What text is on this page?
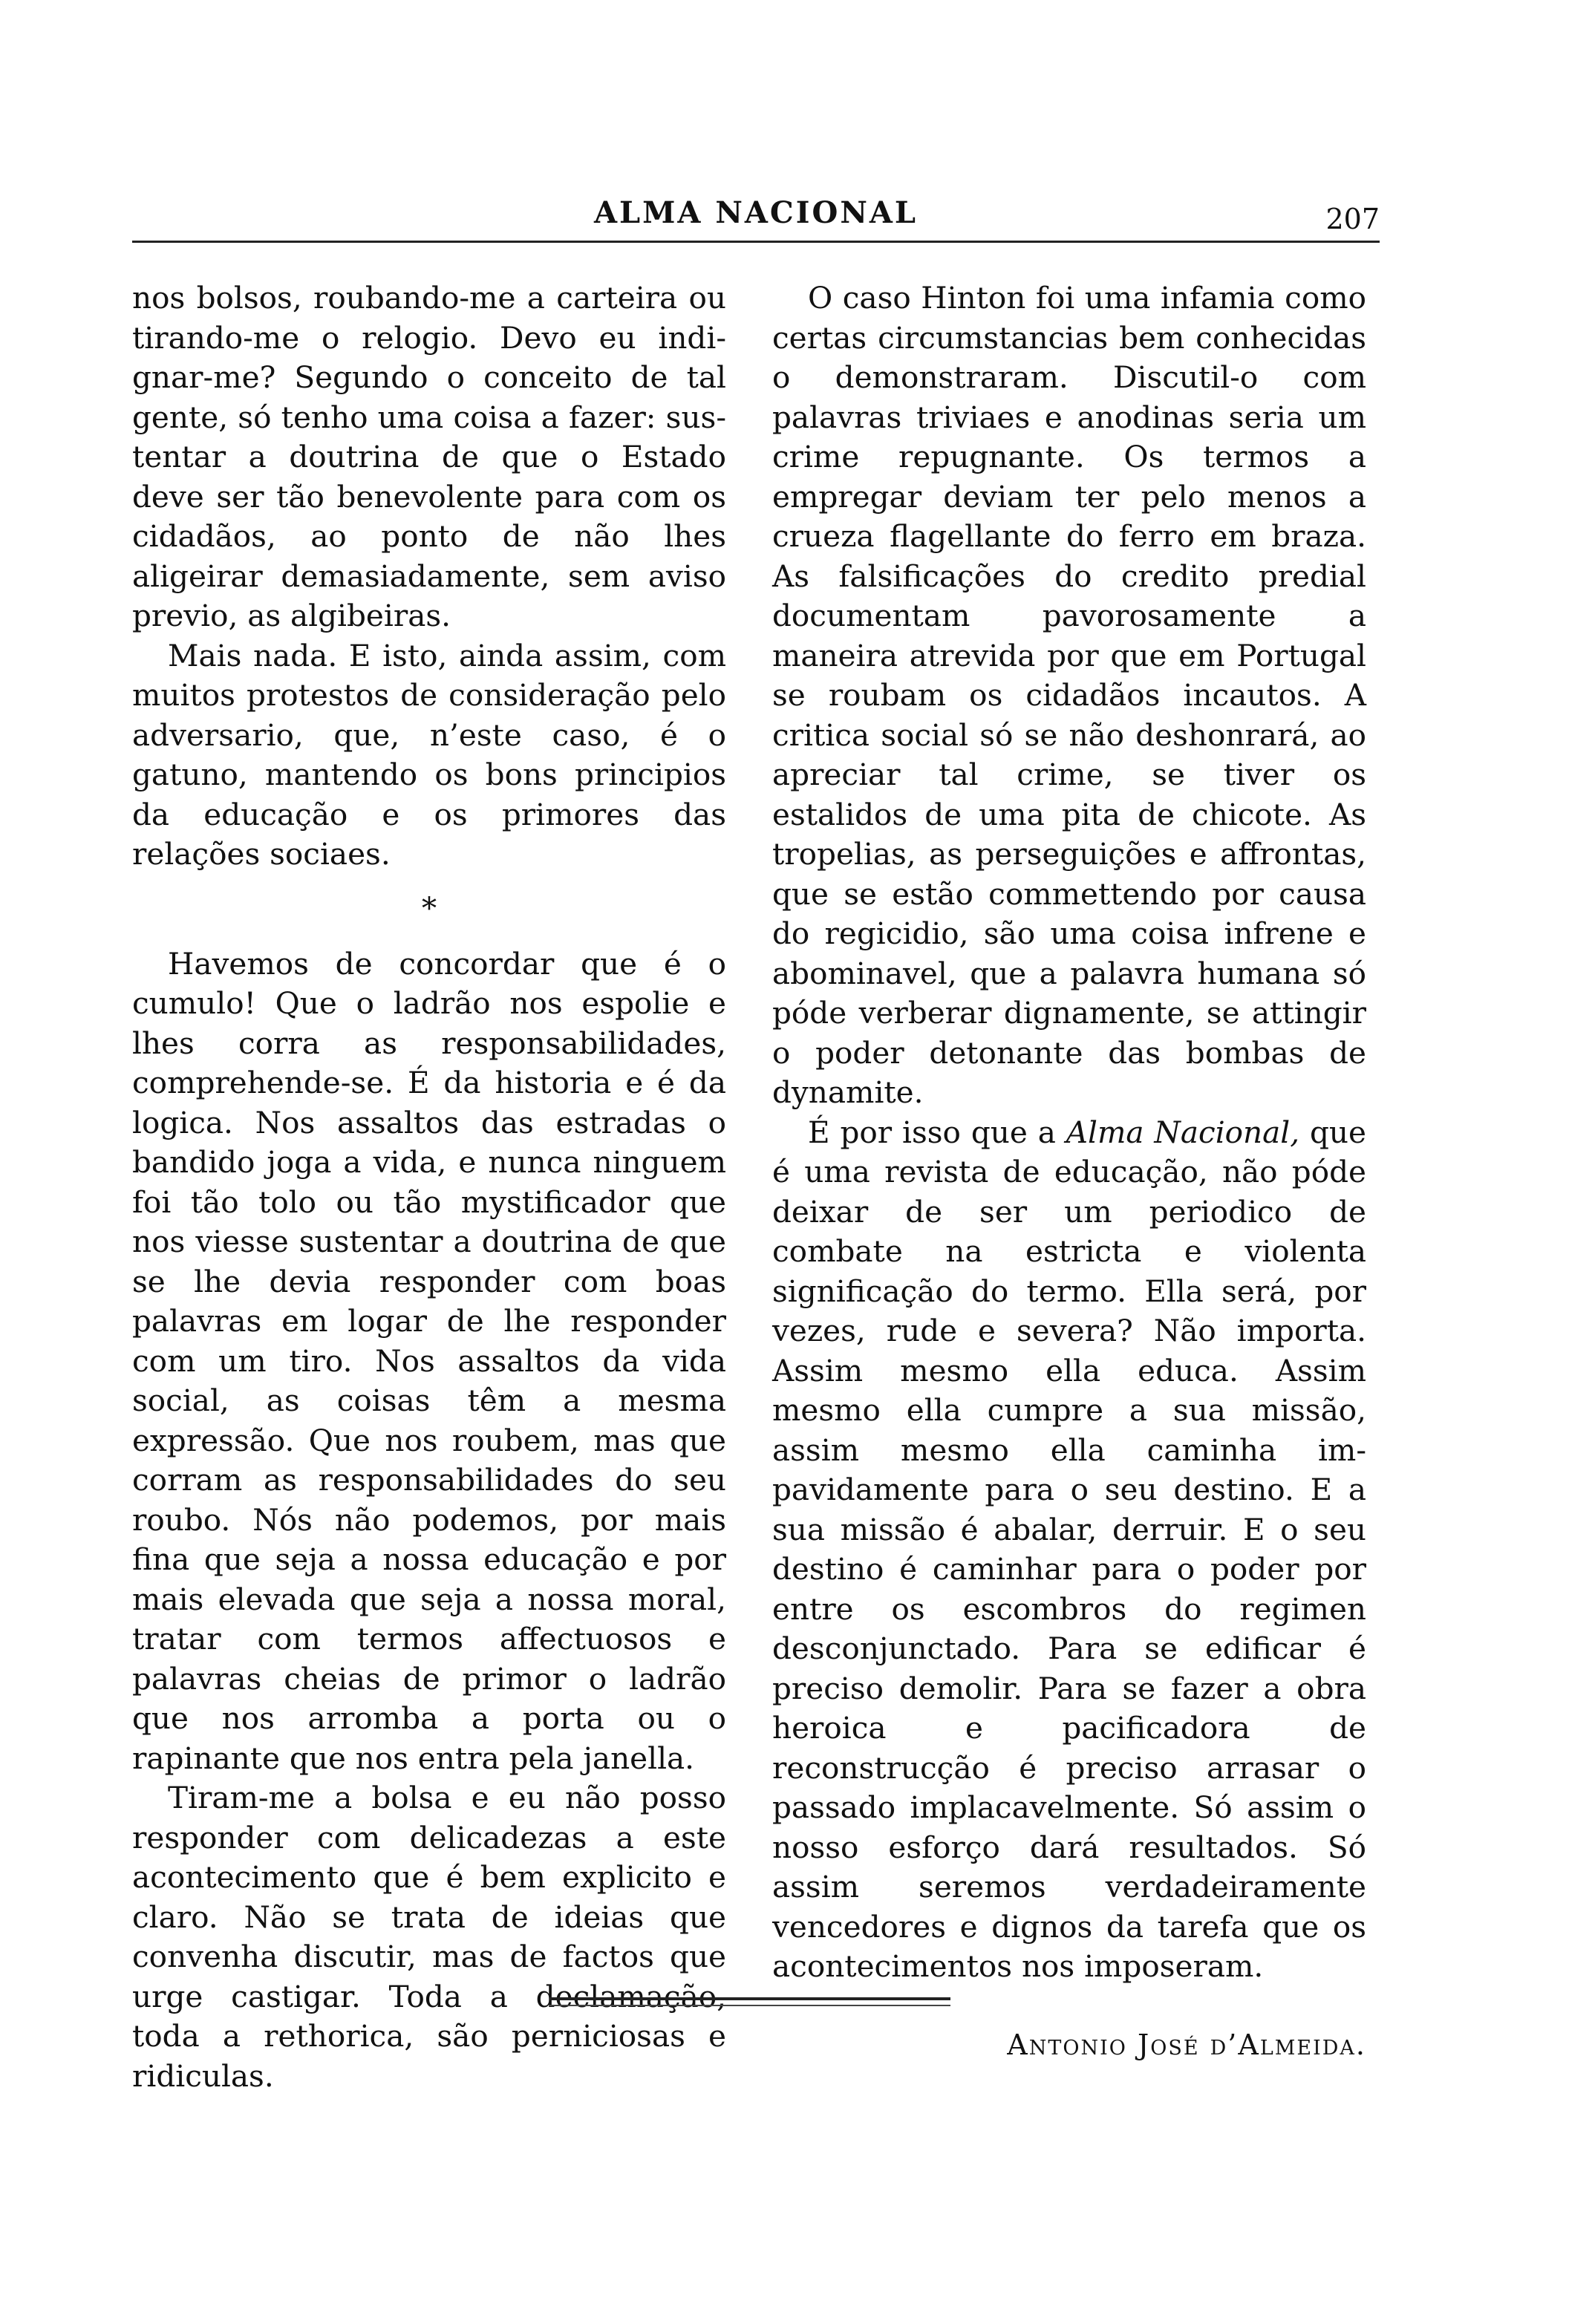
ALMA NACIONAL	207

nos bolsos, roubando-me a carteira ou tirando-me o relogio. Devo eu indignar-me? Segundo o conceito de tal gente, só tenho uma coisa a fazer: sustentar a doutrina de que o Estado deve ser tão benevolente para com os cidadãos, ao ponto de não lhes aligeirar demasiadamente, sem aviso previo, as algibeiras.

Mais nada. E isto, ainda assim, com muitos protestos de consideração pelo adversario, que, n’este caso, é o gatuno, mantendo os bons principios da educação e os primores das relações sociaes.

*

Havemos de concordar que é o cumulo! Que o ladrão nos espolie e lhes corra as responsabilidades, comprehende-se. É da historia e é da logica. Nos assaltos das estradas o bandido joga a vida, e nunca ninguem foi tão tolo ou tão mystificador que nos viesse sustentar a doutrina de que se lhe devia responder com boas palavras em logar de lhe responder com um tiro. Nos assaltos da vida social, as coisas têm a mesma expressão. Que nos roubem, mas que corram as responsabilidades do seu roubo. Nós não podemos, por mais fina que seja a nossa educação e por mais elevada que seja a nossa moral, tratar com termos affectuosos e palavras cheias de primor o ladrão que nos arromba a porta ou o rapinante que nos entra pela janella.

Tiram-me a bolsa e eu não posso responder com delicadezas a este acontecimento que é bem explicito e claro. Não se trata de ideias que convenha discutir, mas de factos que urge castigar. Toda a declamação, toda a rethorica, são perniciosas e ridiculas.

O caso Hinton foi uma infamia como certas circumstancias bem conhecidas o demonstraram. Discutil-o com palavras triviaes e anodinas seria um crime repugnante. Os termos a empregar deviam ter pelo menos a crueza flagellante do ferro em braza. As falsificações do credito predial documentam pavorosamente a maneira atrevida por que em Portugal se roubam os cidadãos incautos. A critica social só se não deshonrará, ao apreciar tal crime, se tiver os estalidos de uma pita de chicote. As tropelias, as perseguições e affrontas, que se estão commettendo por causa do regicidio, são uma coisa infrene e abominavel, que a palavra humana só póde verberar dignamente, se attingir o poder detonante das bombas de dynamite.

É por isso que a Alma Nacional, que é uma revista de educação, não póde deixar de ser um periodico de combate na estricta e violenta significação do termo. Ella será, por vezes, rude e severa? Não importa. Assim mesmo ella educa. Assim mesmo ella cumpre a sua missão, assim mesmo ella caminha impavidamente para o seu destino. E a sua missão é abalar, derruir. E o seu destino é caminhar para o poder por entre os escombros do regimen desconjunctado. Para se edificar é preciso demolir. Para se fazer a obra heroica e pacificadora de reconstrucção é preciso arrasar o passado implacavelmente. Só assim o nosso esforço dará resultados. Só assim seremos verdadeiramente vencedores e dignos da tarefa que os acontecimentos nos imposeram.

Antonio José d’Almeida.
